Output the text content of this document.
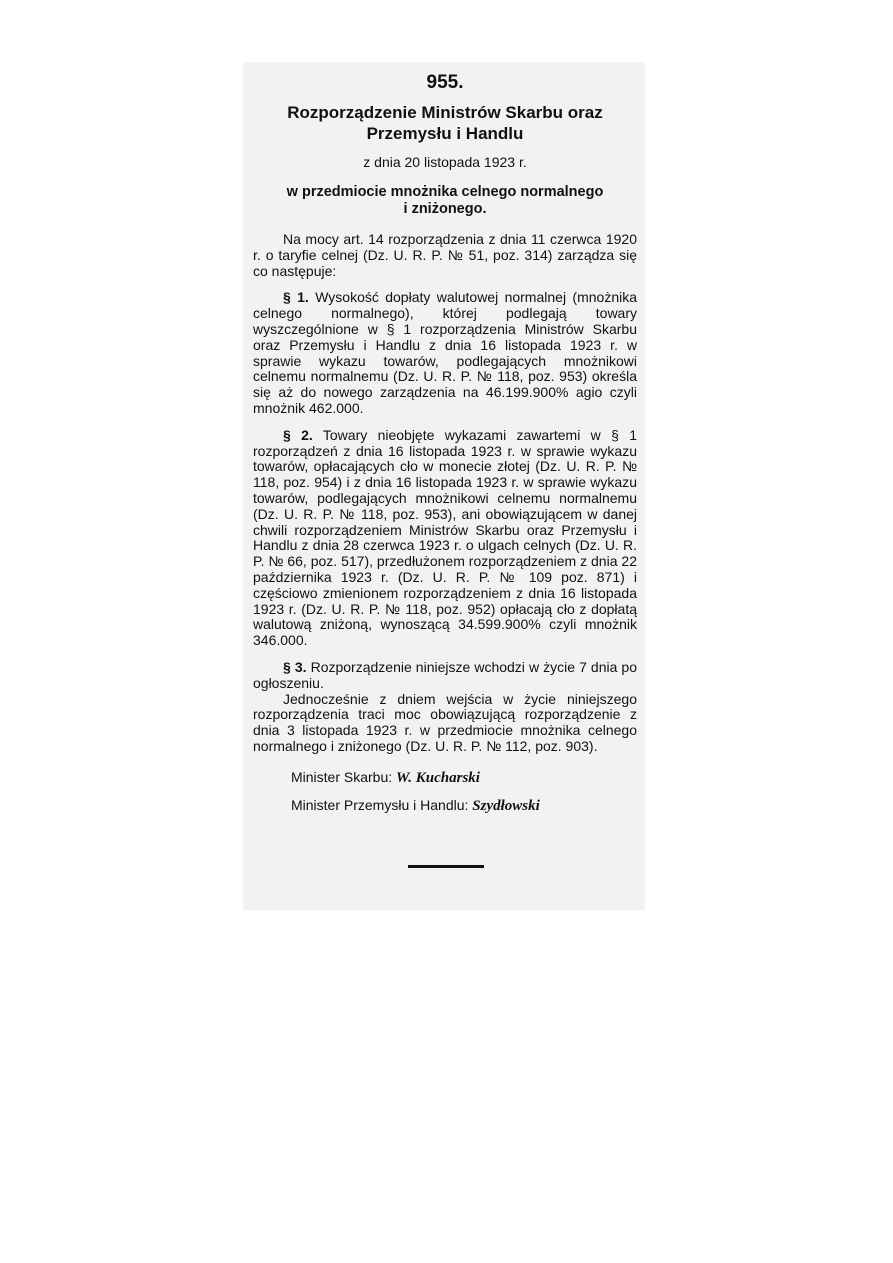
955.
Rozporządzenie Ministrów Skarbu oraz
Przemysłu i Handlu
z dnia 20 listopada 1923 r.
w przedmiocie mnożnika celnego normalnego
i zniżonego.

Na mocy art. 14 rozporządzenia z dnia 11 czerwca 1920 r. o taryfie celnej (Dz. U. R. P. № 51, poz. 314) zarządza się co następuje:

§ 1. Wysokość dopłaty walutowej normalnej (mnożnika celnego normalnego), której podlegają towary wyszczególnione w § 1 rozporządzenia Ministrów Skarbu oraz Przemysłu i Handlu z dnia 16 listopada 1923 r. w sprawie wykazu towarów, podlegających mnożnikowi celnemu normalnemu (Dz. U. R. P. № 118, poz. 953) określa się aż do nowego zarządzenia na 46.199.900% agio czyli mnożnik 462.000.

§ 2. Towary nieobjęte wykazami zawartemi w § 1 rozporządzeń z dnia 16 listopada 1923 r. w sprawie wykazu towarów, opłacających cło w monecie złotej (Dz. U. R. P. № 118, poz. 954) i z dnia 16 listopada 1923 r. w sprawie wykazu towarów, podlegających mnożnikowi celnemu normalnemu (Dz. U. R. P. № 118, poz. 953), ani obowiązującem w danej chwili rozporządzeniem Ministrów Skarbu oraz Przemysłu i Handlu z dnia 28 czerwca 1923 r. o ulgach celnych (Dz. U. R. P. № 66, poz. 517), przedłużonem rozporządzeniem z dnia 22 października 1923 r. (Dz. U. R. P. № 109 poz. 871) i częściowo zmienionem rozporządzeniem z dnia 16 listopada 1923 r. (Dz. U. R. P. № 118, poz. 952) opłacają cło z dopłatą walutową zniżoną, wynoszącą 34.599.900% czyli mnożnik 346.000.

§ 3. Rozporządzenie niniejsze wchodzi w życie 7 dnia po ogłoszeniu.

Jednocześnie z dniem wejścia w życie niniejszego rozporządzenia traci moc obowiązującą rozporządzenie z dnia 3 listopada 1923 r. w przedmiocie mnożnika celnego normalnego i zniżonego (Dz. U. R. P. № 112, poz. 903).

Minister Skarbu: W. Kucharski
Minister Przemysłu i Handlu: Szydłowski
